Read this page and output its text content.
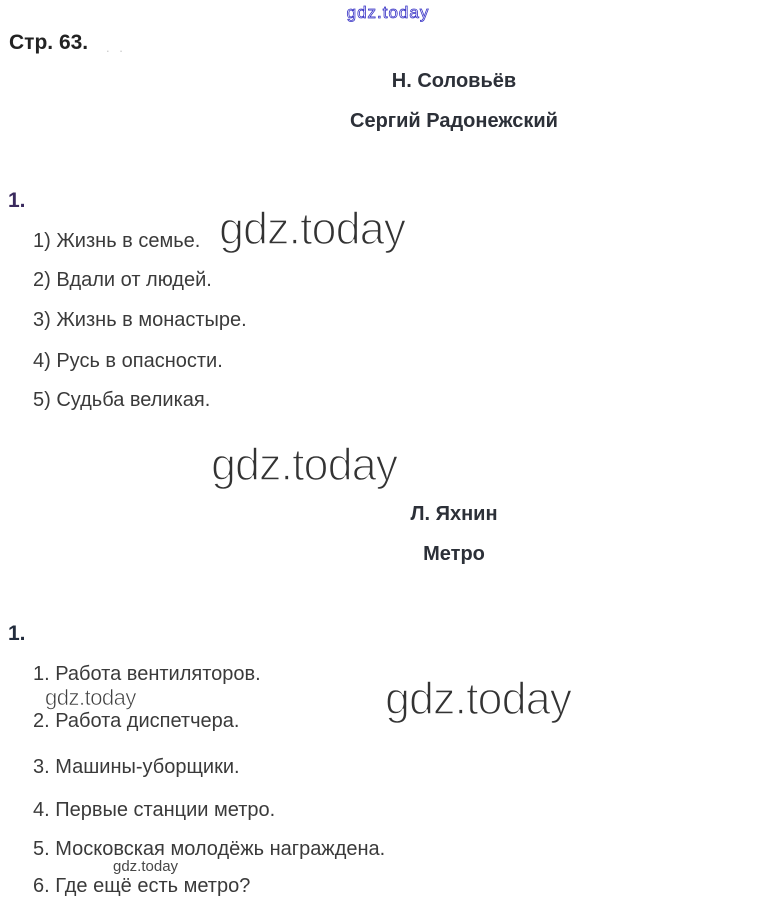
gdz.today
gdz.today
gdz.today
gdz.today	gdz.today
gdz.today
Стр. 63. . .
Н. Соловьёв
Сергий Радонежский
1.
1) Жизнь в семье.
2) Вдали от людей.
3) Жизнь в монастыре.
4) Русь в опасности.
5) Судьба великая.
Л. Яхнин
Метро
1.
1. Работа вентиляторов.
2. Работа диспетчера.
3. Машины-уборщики.
4. Первые станции метро.
5. Московская молодёжь награждена.
6. Где ещё есть метро?
